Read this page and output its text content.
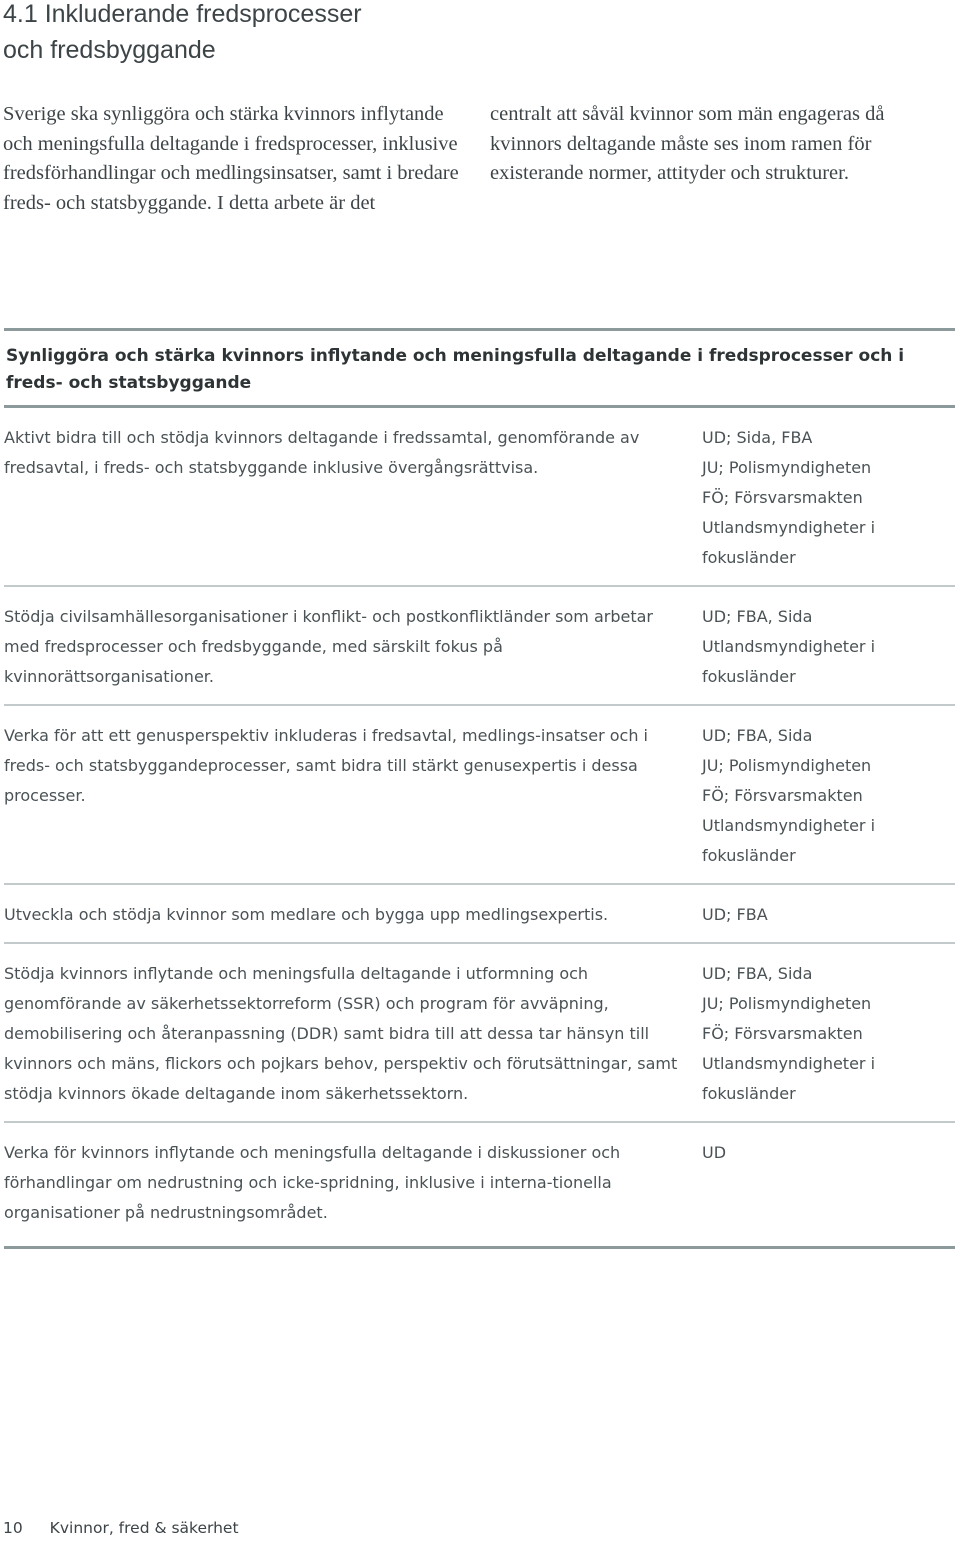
4.1 Inkluderande fredsprocesser
och fredsbyggande

Sverige ska synliggöra och stärka kvinnors inflytande och meningsfulla deltagande i fredsprocesser, inklusive fredsförhandlingar och medlingsinsatser, samt i bredare freds- och statsbyggande. I detta arbete är det

centralt att såväl kvinnor som män engageras då kvinnors deltagande måste ses inom ramen för existerande normer, attityder och strukturer.

Synliggöra och stärka kvinnors inflytande och meningsfulla deltagande i fredsprocesser och i freds- och statsbyggande

Aktivt bidra till och stödja kvinnors deltagande i fredssamtal, genomförande av fredsavtal, i freds- och statsbyggande inklusive övergångsrättvisa.

UD; Sida, FBA
JU; Polismyndigheten
FÖ; Försvarsmakten
Utlandsmyndigheter i
fokusländer

Stödja civilsamhällesorganisationer i konflikt- och postkonfliktländer som arbetar med fredsprocesser och fredsbyggande, med särskilt fokus på kvinnorättsorganisationer.

UD; FBA, Sida
Utlandsmyndigheter i
fokusländer

Verka för att ett genusperspektiv inkluderas i fredsavtal, medlings-insatser och i freds- och statsbyggandeprocesser, samt bidra till stärkt genusexpertis i dessa processer.

UD; FBA, Sida
JU; Polismyndigheten
FÖ; Försvarsmakten
Utlandsmyndigheter i
fokusländer

Utveckla och stödja kvinnor som medlare och bygga upp medlingsexpertis.	UD; FBA

Stödja kvinnors inflytande och meningsfulla deltagande i utformning och genomförande av säkerhetssektorreform (SSR) och program för avväpning, demobilisering och återanpassning (DDR) samt bidra till att dessa tar hänsyn till kvinnors och mäns, flickors och pojkars behov, perspektiv och förutsättningar, samt stödja kvinnors ökade deltagande inom säkerhetssektorn.

UD; FBA, Sida
JU; Polismyndigheten
FÖ; Försvarsmakten
Utlandsmyndigheter i
fokusländer

Verka för kvinnors inflytande och meningsfulla deltagande i diskussioner och förhandlingar om nedrustning och icke-spridning, inklusive i interna-tionella organisationer på nedrustningsområdet.

UD

10 Kvinnor, fred & säkerhet
